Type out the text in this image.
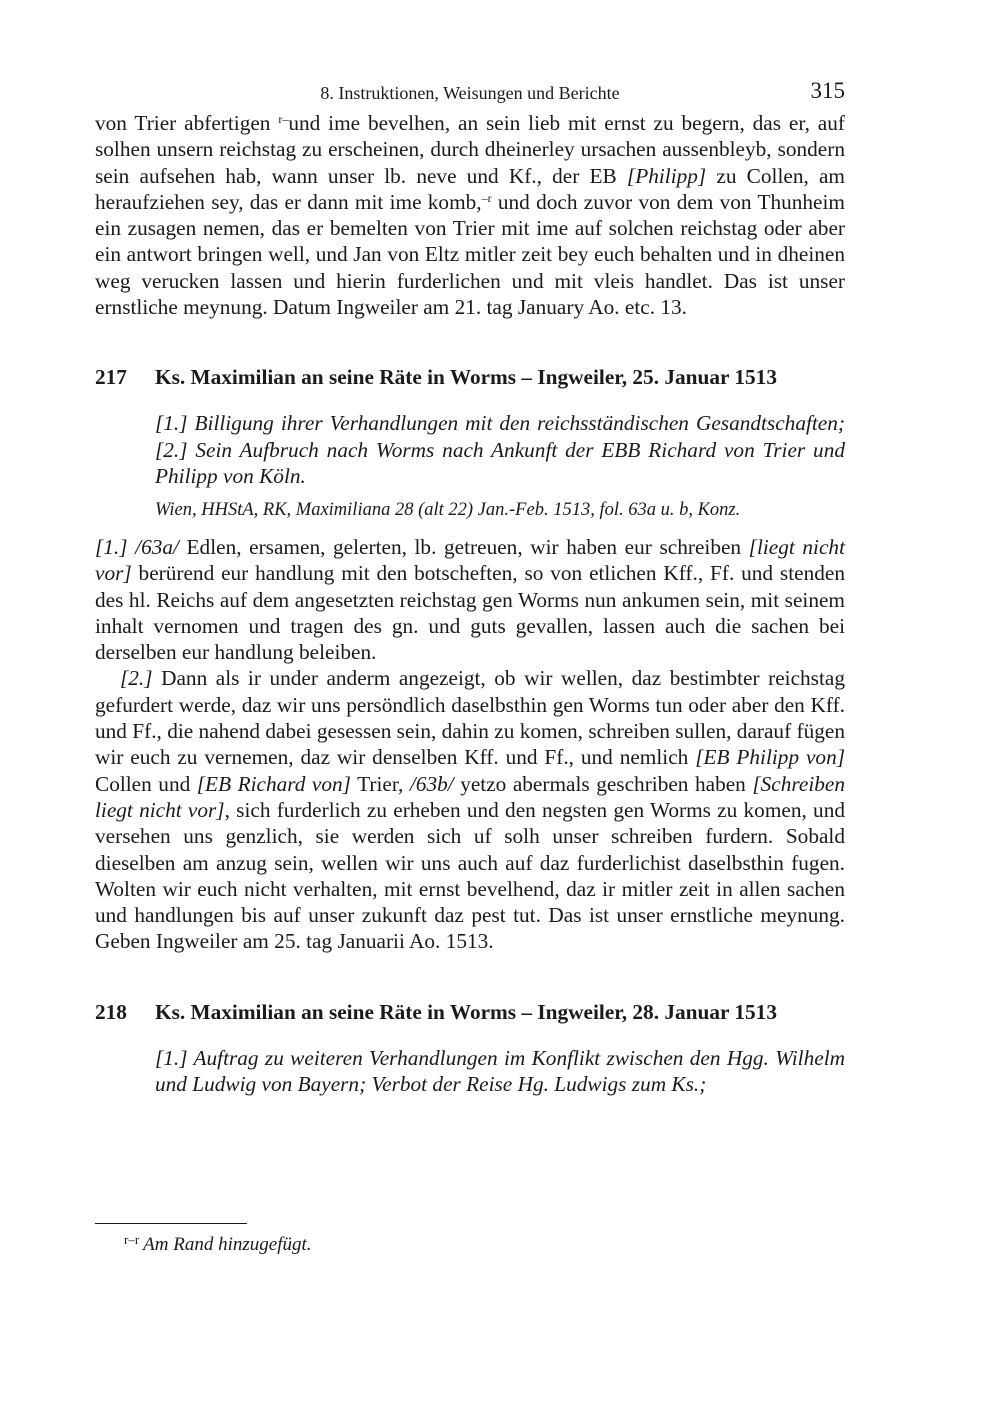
8. Instruktionen, Weisungen und Berichte	315

von Trier abfertigen $^{r-}$und ime bevelhen, an sein lieb mit ernst zu begern, das er, auf solhen unsern reichstag zu erscheinen, durch dheinerley ursachen aussenbleyb, sondern sein aufsehen hab, wann unser lb. neve und Kf., der EB [Philipp] zu Collen, am heraufziehen sey, das er dann mit ime komb,$^{-r}$ und doch zuvor von dem von Thunheim ein zusagen nemen, das er bemelten von Trier mit ime auf solchen reichstag oder aber ein antwort bringen well, und Jan von Eltz mitler zeit bey euch behalten und in dheinen weg verucken lassen und hierin furderlichen und mit vleis handlet. Das ist unser ernstliche meynung. Datum Ingweiler am 21. tag January Ao. etc. 13.

217	Ks. Maximilian an seine Räte in Worms – Ingweiler, 25. Januar 1513
[1.] Billigung ihrer Verhandlungen mit den reichsständischen Gesandtschaften; [2.] Sein Aufbruch nach Worms nach Ankunft der EBB Richard von Trier und Philipp von Köln.
Wien, HHStA, RK, Maximiliana 28 (alt 22) Jan.-Feb. 1513, fol. 63a u. b, Konz.

[1.] /63a/ Edlen, ersamen, gelerten, lb. getreuen, wir haben eur schreiben [liegt nicht vor] berürend eur handlung mit den botscheften, so von etlichen Kff., Ff. und stenden des hl. Reichs auf dem angesetzten reichstag gen Worms nun ankumen sein, mit seinem inhalt vernomen und tragen des gn. und guts gevallen, lassen auch die sachen bei derselben eur handlung beleiben.

[2.] Dann als ir under anderm angezeigt, ob wir wellen, daz bestimbter reichstag gefurdert werde, daz wir uns persöndlich daselbsthin gen Worms tun oder aber den Kff. und Ff., die nahend dabei gesessen sein, dahin zu komen, schreiben sullen, darauf fügen wir euch zu vernemen, daz wir denselben Kff. und Ff., und nemlich [EB Philipp von] Collen und [EB Richard von] Trier, /63b/ yetzo abermals geschriben haben [Schreiben liegt nicht vor], sich furderlich zu erheben und den negsten gen Worms zu komen, und versehen uns genzlich, sie werden sich uf solh unser schreiben furdern. Sobald dieselben am anzug sein, wellen wir uns auch auf daz furderlichist daselbsthin fugen. Wolten wir euch nicht verhalten, mit ernst bevelhend, daz ir mitler zeit in allen sachen und handlungen bis auf unser zukunft daz pest tut. Das ist unser ernstliche meynung. Geben Ingweiler am 25. tag Januarii Ao. 1513.

218	Ks. Maximilian an seine Räte in Worms – Ingweiler, 28. Januar 1513
[1.] Auftrag zu weiteren Verhandlungen im Konflikt zwischen den Hgg. Wilhelm und Ludwig von Bayern; Verbot der Reise Hg. Ludwigs zum Ks.;
$^{r-r}$ Am Rand hinzugefügt.
